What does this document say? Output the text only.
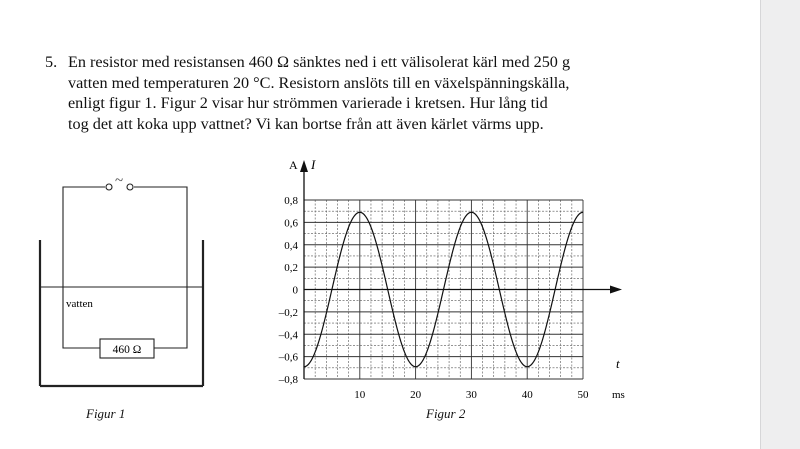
5. En resistor med resistansen 460 Ω sänktes ned i ett välisolerat kärl med 250 g
vatten med temperaturen 20 °C. Resistorn anslöts till en växelspänningskälla,
enligt figur 1. Figur 2 visar hur strömmen varierade i kretsen. Hur lång tid
tog det att koka upp vattnet? Vi kan bortse från att även kärlet värms upp.
~
vatten
460 Ω
Figur 1
0,8
0,6
0,4
0,2
0
–0,2
–0,4
–0,6
–0,8
10	20	30	40	50
A I
t
ms
Figur 2
